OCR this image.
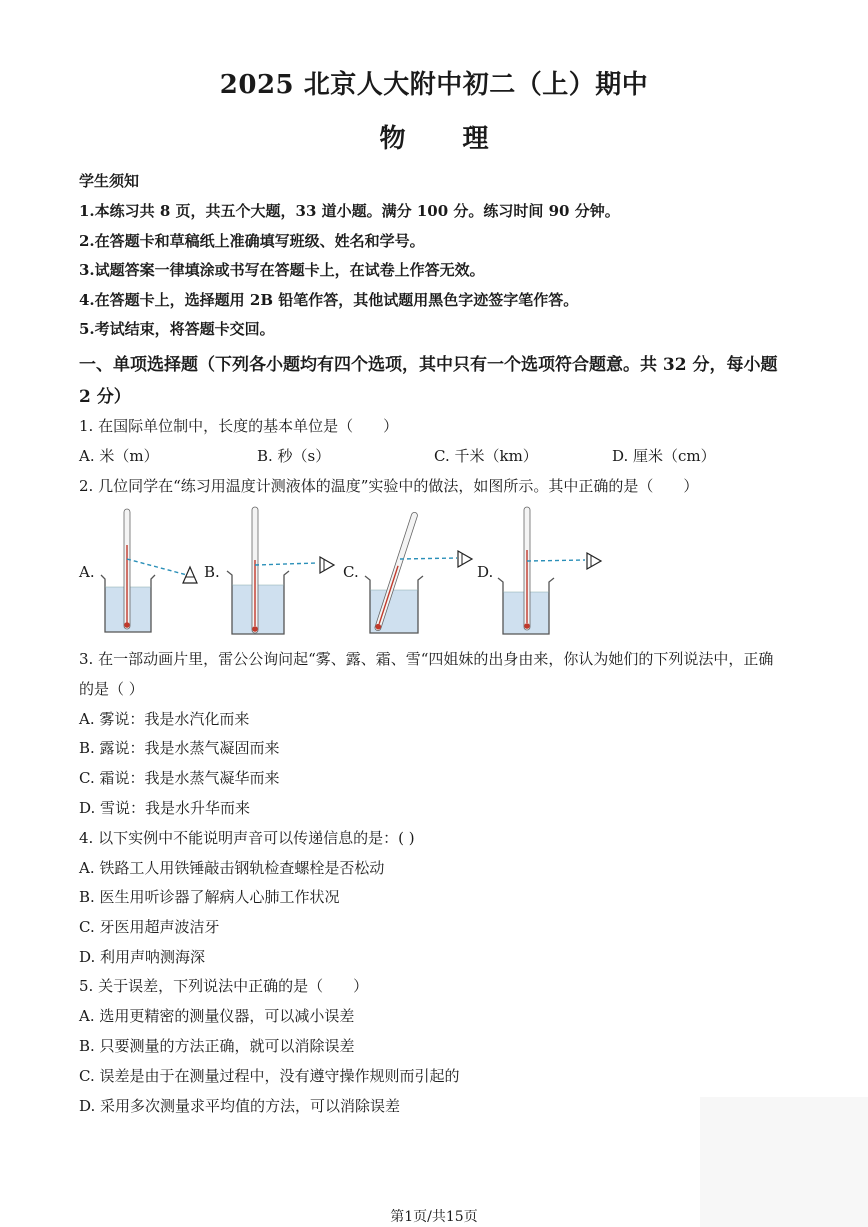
2025 北京人大附中初二（上）期中
物 理
学生须知
1.本练习共 8 页，共五个大题，33 道小题。满分 100 分。练习时间 90 分钟。
2.在答题卡和草稿纸上准确填写班级、姓名和学号。
3.试题答案一律填涂或书写在答题卡上，在试卷上作答无效。
4.在答题卡上，选择题用 2B 铅笔作答，其他试题用黑色字迹签字笔作答。
5.考试结束，将答题卡交回。
一、单项选择题（下列各小题均有四个选项，其中只有一个选项符合题意。共 32 分，每小题
2 分）
1. 在国际单位制中，长度的基本单位是（　　）
A. 米（m）	B. 秒（s）	C. 千米（km）	D. 厘米（cm）
2. 几位同学在“练习用温度计测液体的温度”实验中的做法，如图所示。其中正确的是（　　）
A.	B.	C.	D.
3. 在一部动画片里，雷公公询问起“雾、露、霜、雪“四姐妹的出身由来，你认为她们的下列说法中，正确
的是（ ）
A. 雾说：我是水汽化而来
B. 露说：我是水蒸气凝固而来
C. 霜说：我是水蒸气凝华而来
D. 雪说：我是水升华而来
4. 以下实例中不能说明声音可以传递信息的是：( )
A. 铁路工人用铁锤敲击钢轨检查螺栓是否松动
B. 医生用听诊器了解病人心肺工作状况
C. 牙医用超声波洁牙
D. 利用声呐测海深
5. 关于误差，下列说法中正确的是（　　）
A. 选用更精密的测量仪器，可以减小误差
B. 只要测量的方法正确，就可以消除误差
C. 误差是由于在测量过程中，没有遵守操作规则而引起的
D. 采用多次测量求平均值的方法，可以消除误差
第1页/共15页
